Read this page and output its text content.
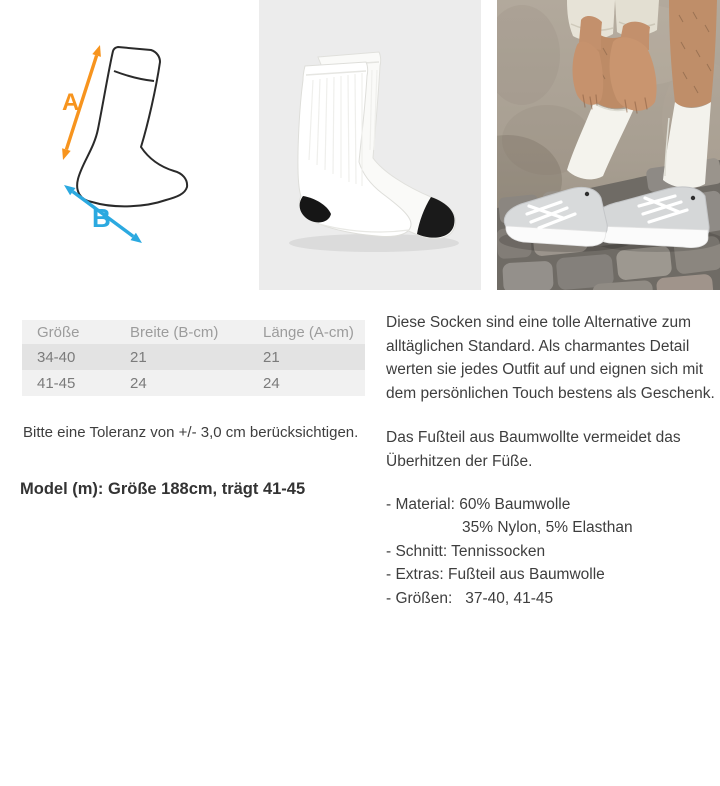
A
B
Größe	Breite (B-cm)	Länge (A-cm)
34-40	21	21
41-45	24	24
Bitte eine Toleranz von +/- 3,0 cm berücksichtigen.
Model (m): Größe 188cm, trägt 41-45

Diese Socken sind eine tolle Alternative zum alltäglichen Standard. Als charmantes Detail werten sie jedes Outfit auf und eignen sich mit dem persönlichen Touch bestens als Geschenk.

Das Fußteil aus Baumwollte vermeidet das Überhitzen der Füße.

- Material: 60% Baumwolle
35% Nylon, 5% Elasthan
- Schnitt: Tennissocken
- Extras: Fußteil aus Baumwolle
- Größen:   37-40, 41-45
